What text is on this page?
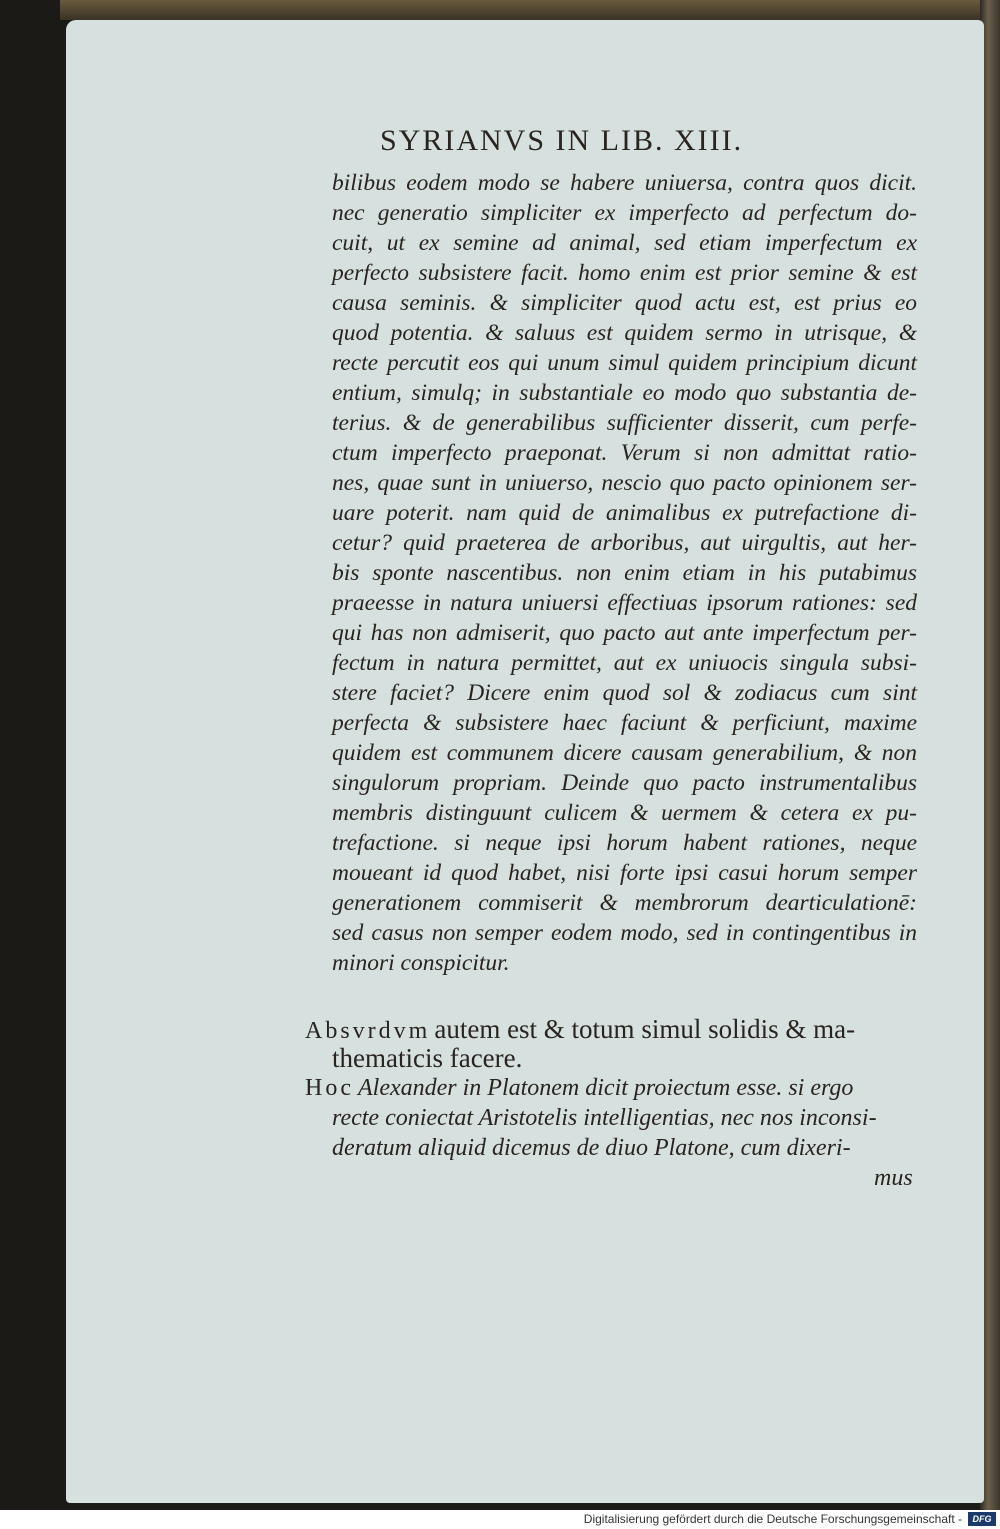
SYRIANVS IN LIB. XIII.
bilibus eodem modo se habere uniuersa, contra quos dicit.
nec generatio simpliciter ex imperfecto ad perfectum do-
cuit, ut ex semine ad animal, sed etiam imperfectum ex
perfecto subsistere facit. homo enim est prior semine & est
causa seminis. & simpliciter quod actu est, est prius eo
quod potentia. & saluus est quidem sermo in utrisque, &
recte percutit eos qui unum simul quidem principium dicunt
entium, simulq; in substantiale eo modo quo substantia de-
terius. & de generabilibus sufficienter disserit, cum perfe-
ctum imperfecto praeponat. Verum si non admittat ratio-
nes, quae sunt in uniuerso, nescio quo pacto opinionem ser-
uare poterit. nam quid de animalibus ex putrefactione di-
cetur? quid praeterea de arboribus, aut uirgultis, aut her-
bis sponte nascentibus. non enim etiam in his putabimus
praeesse in natura uniuersi effectiuas ipsorum rationes: sed
qui has non admiserit, quo pacto aut ante imperfectum per-
fectum in natura permittet, aut ex uniuocis singula subsi-
stere faciet? Dicere enim quod sol & zodiacus cum sint
perfecta & subsistere haec faciunt & perficiunt, maxime
quidem est communem dicere causam generabilium, & non
singulorum propriam. Deinde quo pacto instrumentalibus
membris distinguunt culicem & uermem & cetera ex pu-
trefactione. si neque ipsi horum habent rationes, neque
moueant id quod habet, nisi forte ipsi casui horum semper
generationem commiserit & membrorum dearticulationē:
sed casus non semper eodem modo, sed in contingentibus in
minori conspicitur.
Absvrdvm autem est & totum simul solidis & ma-
thematicis facere.
Hoc Alexander in Platonem dicit proiectum esse. si ergo
recte coniectat Aristotelis intelligentias, nec nos inconsi-
deratum aliquid dicemus de diuo Platone, cum dixeri-
mus
Digitalisierung gefördert durch die Deutsche Forschungsgemeinschaft -	DFG
